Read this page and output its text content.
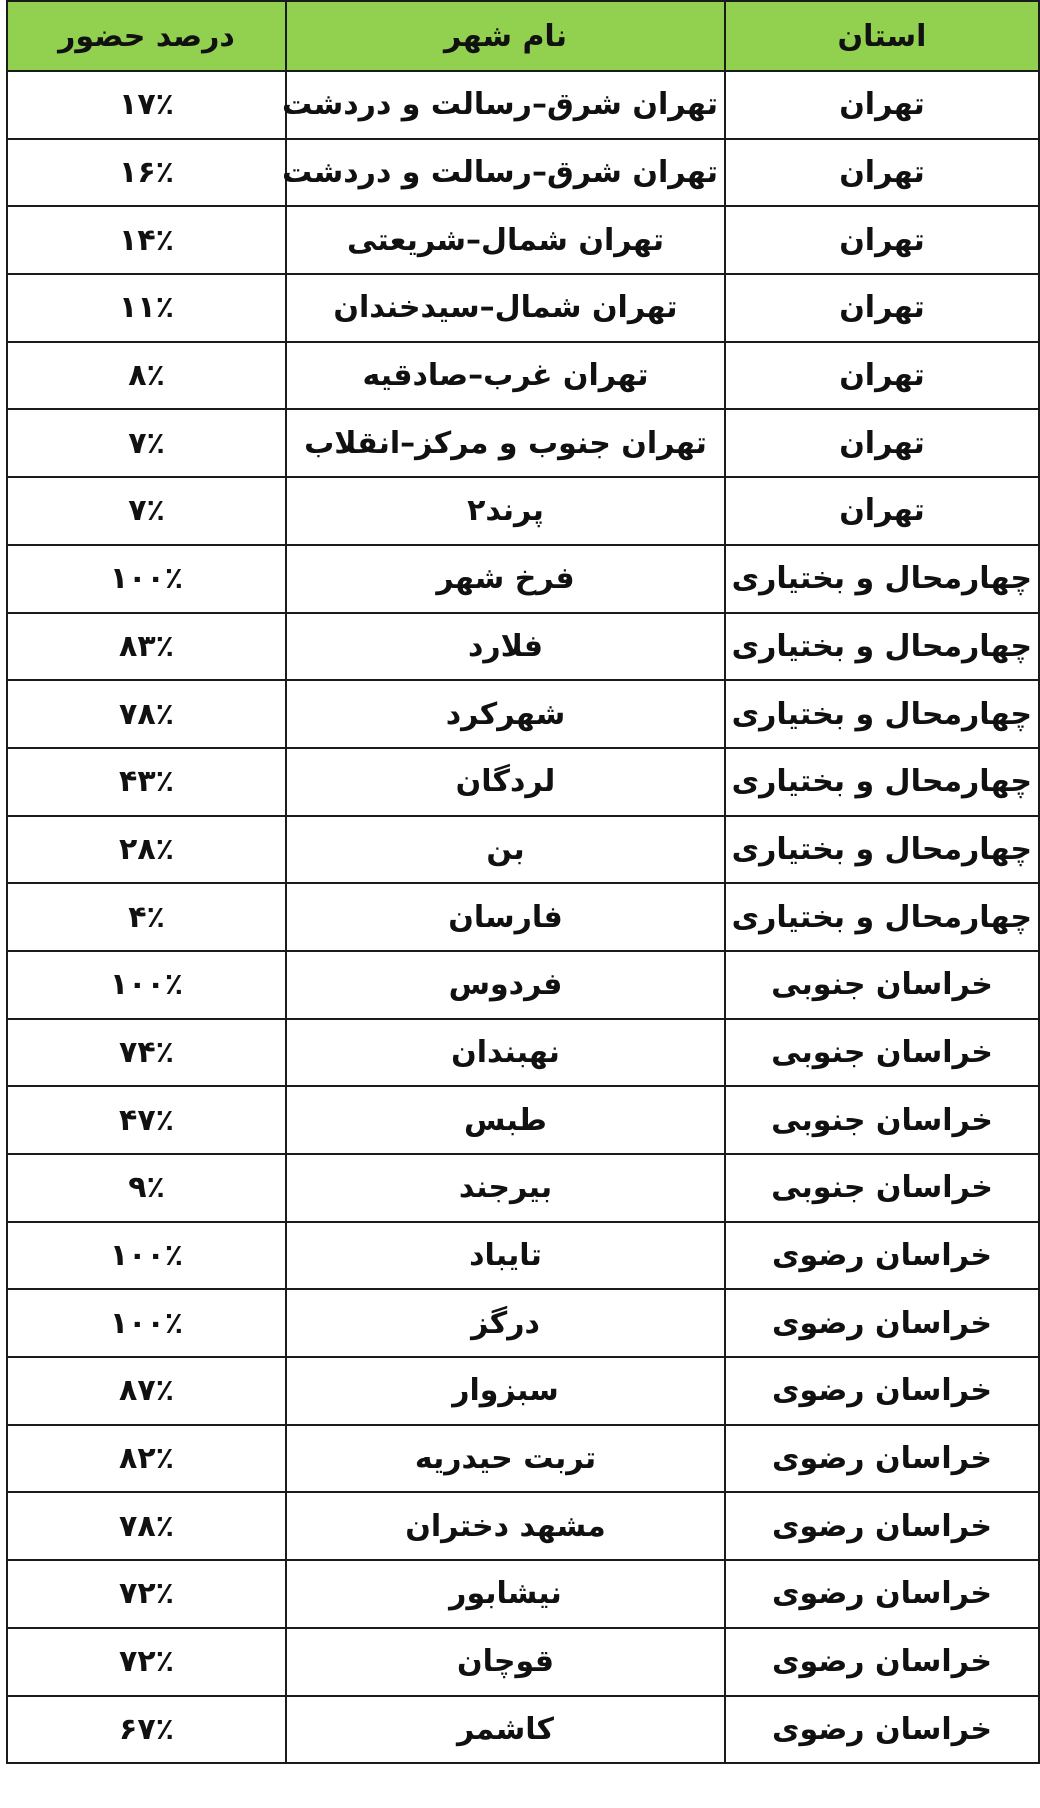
استان	نام شهر	درصد حضور
تهران	تهران شرق–رسالت و دردشت	۱۷٪
تهران	تهران شرق–رسالت و دردشت	۱۶٪
تهران	تهران شمال–شریعتی	۱۴٪
تهران	تهران شمال–سیدخندان	۱۱٪
تهران	تهران غرب–صادقیه	۸٪
تهران	تهران جنوب و مرکز–انقلاب	۷٪
تهران	پرند۲	۷٪
چهارمحال و بختیاری	فرخ شهر	۱۰۰٪
چهارمحال و بختیاری	فلارد	۸۳٪
چهارمحال و بختیاری	شهرکرد	۷۸٪
چهارمحال و بختیاری	لردگان	۴۳٪
چهارمحال و بختیاری	بن	۲۸٪
چهارمحال و بختیاری	فارسان	۴٪
خراسان جنوبی	فردوس	۱۰۰٪
خراسان جنوبی	نهبندان	۷۴٪
خراسان جنوبی	طبس	۴۷٪
خراسان جنوبی	بیرجند	۹٪
خراسان رضوی	تایباد	۱۰۰٪
خراسان رضوی	درگز	۱۰۰٪
خراسان رضوی	سبزوار	۸۷٪
خراسان رضوی	تربت حیدریه	۸۲٪
خراسان رضوی	مشهد دختران	۷۸٪
خراسان رضوی	نیشابور	۷۲٪
خراسان رضوی	قوچان	۷۲٪
خراسان رضوی	کاشمر	۶۷٪
